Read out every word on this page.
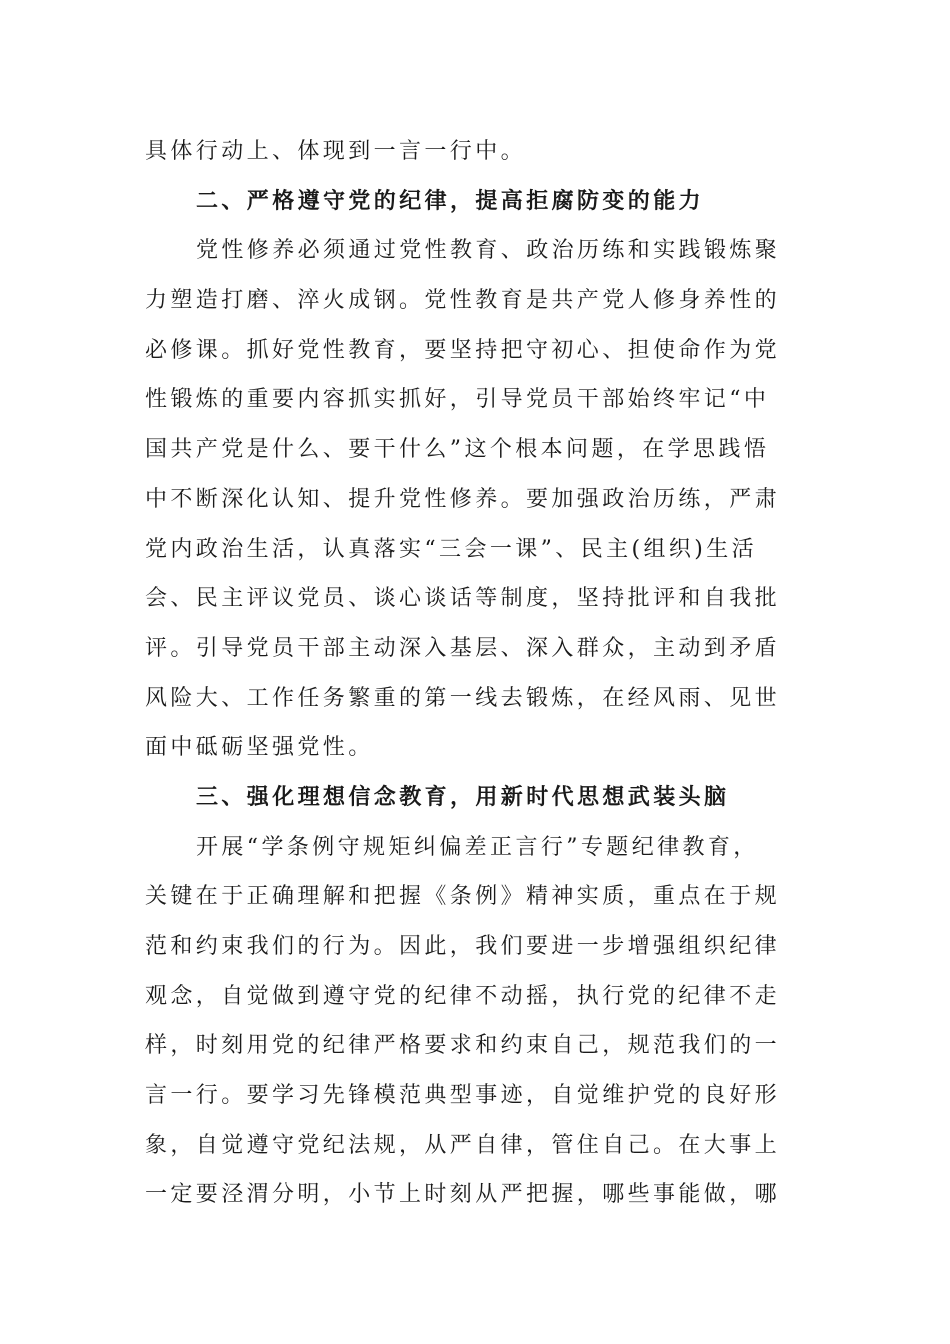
具体行动上、体现到一言一行中。
二、严格遵守党的纪律，提高拒腐防变的能力
党性修养必须通过党性教育、政治历练和实践锻炼聚
力塑造打磨、淬火成钢。党性教育是共产党人修身养性的
必修课。抓好党性教育，要坚持把守初心、担使命作为党
性锻炼的重要内容抓实抓好，引导党员干部始终牢记“中
国共产党是什么、要干什么”这个根本问题，在学思践悟
中不断深化认知、提升党性修养。要加强政治历练，严肃
党内政治生活，认真落实“三会一课”、民主(组织)生活
会、民主评议党员、谈心谈话等制度，坚持批评和自我批
评。引导党员干部主动深入基层、深入群众，主动到矛盾
风险大、工作任务繁重的第一线去锻炼，在经风雨、见世
面中砥砺坚强党性。
三、强化理想信念教育，用新时代思想武装头脑
开展“学条例守规矩纠偏差正言行”专题纪律教育，
关键在于正确理解和把握《条例》精神实质，重点在于规
范和约束我们的行为。因此，我们要进一步增强组织纪律
观念，自觉做到遵守党的纪律不动摇，执行党的纪律不走
样，时刻用党的纪律严格要求和约束自己，规范我们的一
言一行。要学习先锋模范典型事迹，自觉维护党的良好形
象，自觉遵守党纪法规，从严自律，管住自己。在大事上
一定要泾渭分明，小节上时刻从严把握，哪些事能做，哪
